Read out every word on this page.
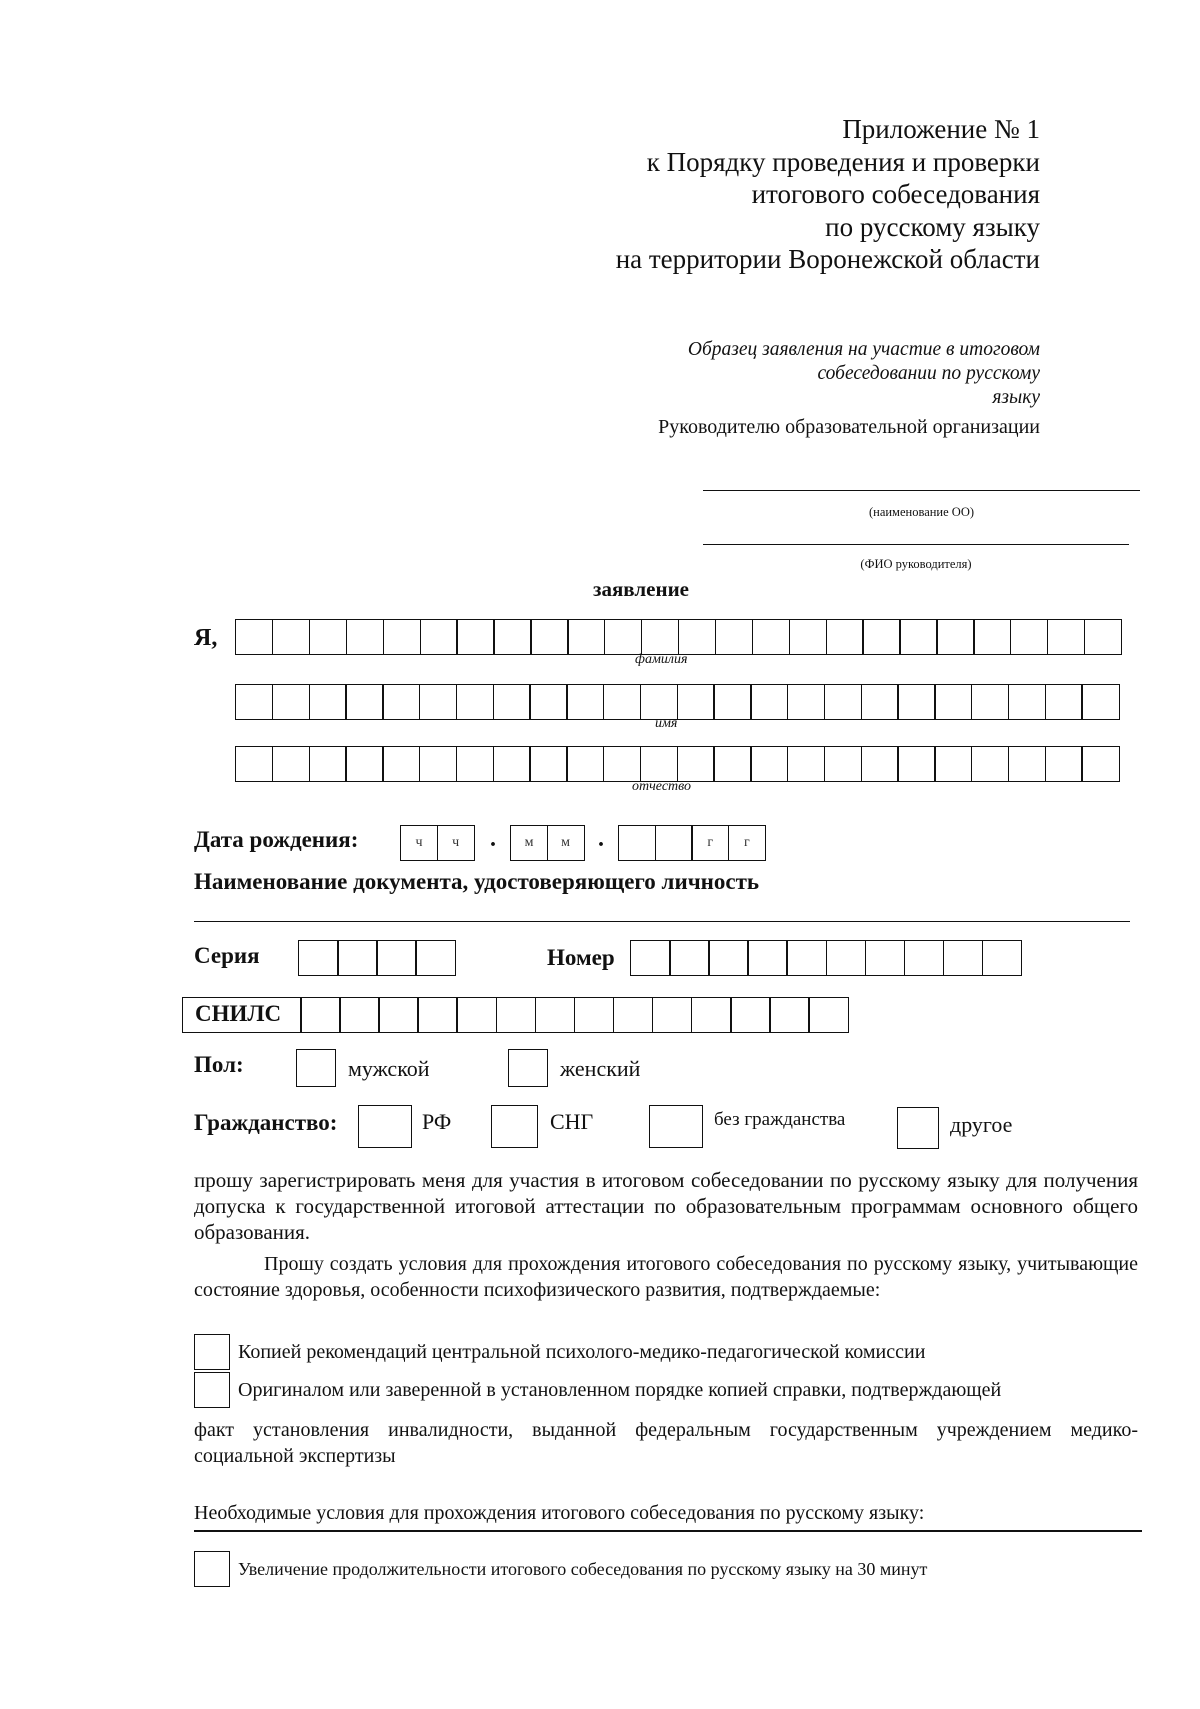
Приложение № 1
к Порядку проведения и проверки
итогового собеседования
по русскому языку
на территории Воронежской области
Образец заявления на участие в итоговом
собеседовании по русскому
языку
Руководителю образовательной организации
(наименование ОО)
(ФИО руководителя)
заявление
Я,
фамилия
имя
отчество
Дата рождения:	ч	ч	.	м	м	.	г	г
Наименование документа, удостоверяющего личность
Серия	Номер
СНИЛС
Пол:	мужской	женский
Гражданство:	РФ	СНГ	без гражданства	другое
прошу зарегистрировать меня для участия в итоговом собеседовании по русскому языку для получения допуска к государственной итоговой аттестации по образовательным программам основного общего образования.
Прошу создать условия для прохождения итогового собеседования по русскому языку, учитывающие состояние здоровья, особенности психофизического развития, подтверждаемые:
Копией рекомендаций центральной психолого-медико-педагогической комиссии
Оригиналом или заверенной в установленном порядке копией справки, подтверждающей
факт установления инвалидности, выданной федеральным государственным учреждением медико-социальной экспертизы
Необходимые условия для прохождения итогового собеседования по русскому языку:
Увеличение продолжительности итогового собеседования по русскому языку на 30 минут
